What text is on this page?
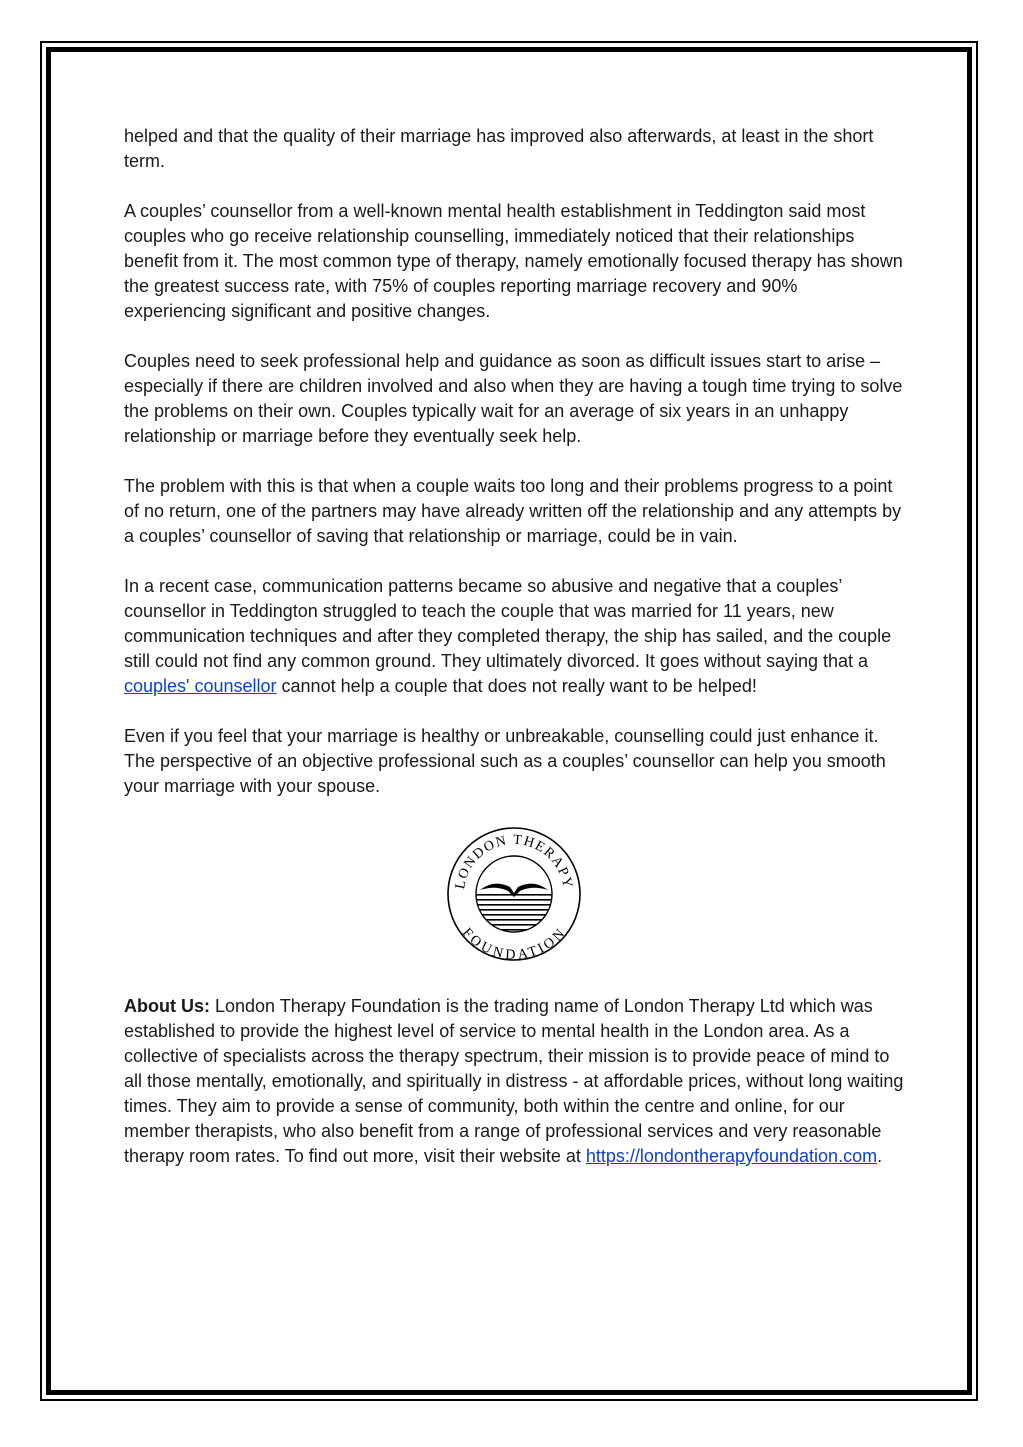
helped and that the quality of their marriage has improved also afterwards, at least in the short term.

A couples’ counsellor from a well-known mental health establishment in Teddington said most couples who go receive relationship counselling, immediately noticed that their relationships benefit from it. The most common type of therapy, namely emotionally focused therapy has shown the greatest success rate, with 75% of couples reporting marriage recovery and 90% experiencing significant and positive changes.

Couples need to seek professional help and guidance as soon as difficult issues start to arise – especially if there are children involved and also when they are having a tough time trying to solve the problems on their own. Couples typically wait for an average of six years in an unhappy relationship or marriage before they eventually seek help.

The problem with this is that when a couple waits too long and their problems progress to a point of no return, one of the partners may have already written off the relationship and any attempts by a couples’ counsellor of saving that relationship or marriage, could be in vain.

In a recent case, communication patterns became so abusive and negative that a couples’ counsellor in Teddington struggled to teach the couple that was married for 11 years, new communication techniques and after they completed therapy, the ship has sailed, and the couple still could not find any common ground. They ultimately divorced. It goes without saying that a couples' counsellor cannot help a couple that does not really want to be helped!

Even if you feel that your marriage is healthy or unbreakable, counselling could just enhance it. The perspective of an objective professional such as a couples’ counsellor can help you smooth your marriage with your spouse.

LONDON THERAPY
FOUNDATION

About Us: London Therapy Foundation is the trading name of London Therapy Ltd which was established to provide the highest level of service to mental health in the London area. As a collective of specialists across the therapy spectrum, their mission is to provide peace of mind to all those mentally, emotionally, and spiritually in distress - at affordable prices, without long waiting times. They aim to provide a sense of community, both within the centre and online, for our member therapists, who also benefit from a range of professional services and very reasonable therapy room rates. To find out more, visit their website at https://londontherapyfoundation.com.
